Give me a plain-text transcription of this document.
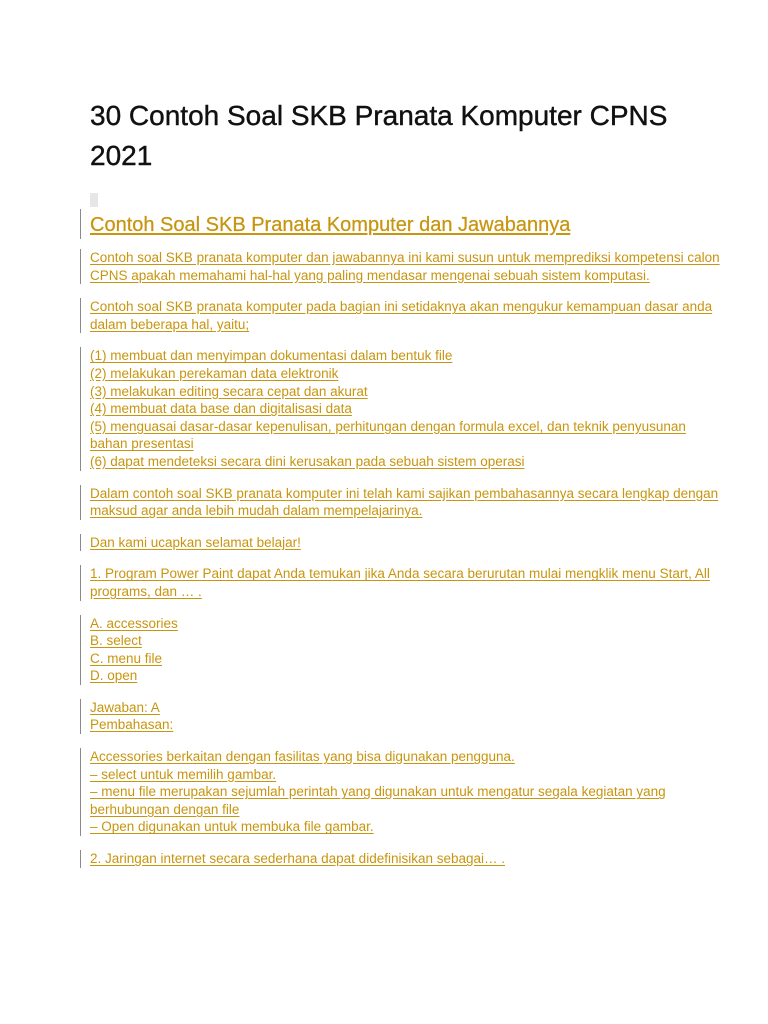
30 Contoh Soal SKB Pranata Komputer CPNS 2021
Contoh Soal SKB Pranata Komputer dan Jawabannya
Contoh soal SKB pranata komputer dan jawabannya ini kami susun untuk memprediksi kompetensi calon CPNS apakah memahami hal-hal yang paling mendasar mengenai sebuah sistem komputasi.
Contoh soal SKB pranata komputer pada bagian ini setidaknya akan mengukur kemampuan dasar anda dalam beberapa hal, yaitu;
(1) membuat dan menyimpan dokumentasi dalam bentuk file
(2) melakukan perekaman data elektronik
(3) melakukan editing secara cepat dan akurat
(4) membuat data base dan digitalisasi data
(5) menguasai dasar-dasar kepenulisan, perhitungan dengan formula excel, dan teknik penyusunan bahan presentasi
(6) dapat mendeteksi secara dini kerusakan pada sebuah sistem operasi
Dalam contoh soal SKB pranata komputer ini telah kami sajikan pembahasannya secara lengkap dengan maksud agar anda lebih mudah dalam mempelajarinya.
Dan kami ucapkan selamat belajar!
1. Program Power Paint dapat Anda temukan jika Anda secara berurutan mulai mengklik menu Start, All programs, dan … .
A. accessories
B. select
C. menu file
D. open
Jawaban: A
Pembahasan:
Accessories berkaitan dengan fasilitas yang bisa digunakan pengguna.
– select untuk memilih gambar.
– menu file merupakan sejumlah perintah yang digunakan untuk mengatur segala kegiatan yang berhubungan dengan file
– Open digunakan untuk membuka file gambar.
2. Jaringan internet secara sederhana dapat didefinisikan sebagai… .
